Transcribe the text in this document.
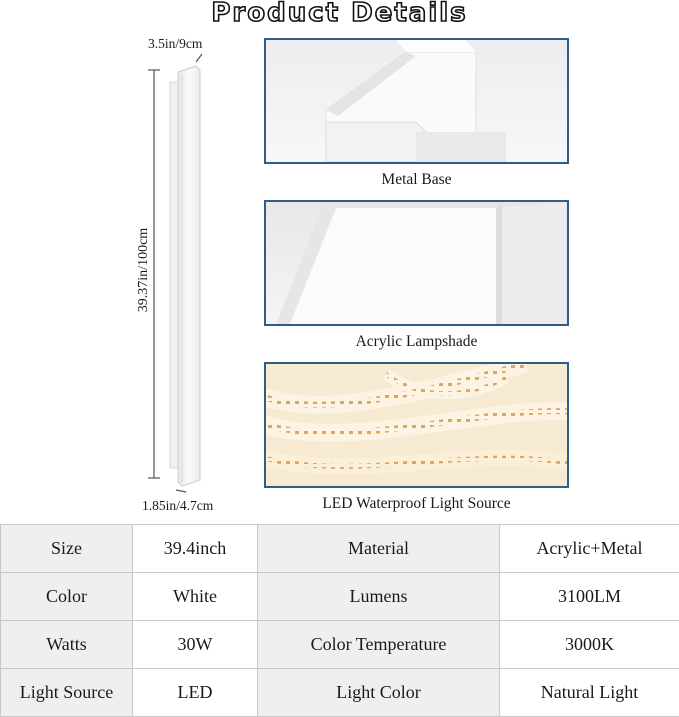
Product Details
3.5in/9cm
39.37in/100cm
1.85in/4.7cm
Metal Base
Acrylic Lampshade
LED Waterproof Light Source
Size	39.4inch	Material	Acrylic+Metal
Color	White	Lumens	3100LM
Watts	30W	Color Temperature	3000K
Light Source	LED	Light Color	Natural Light
